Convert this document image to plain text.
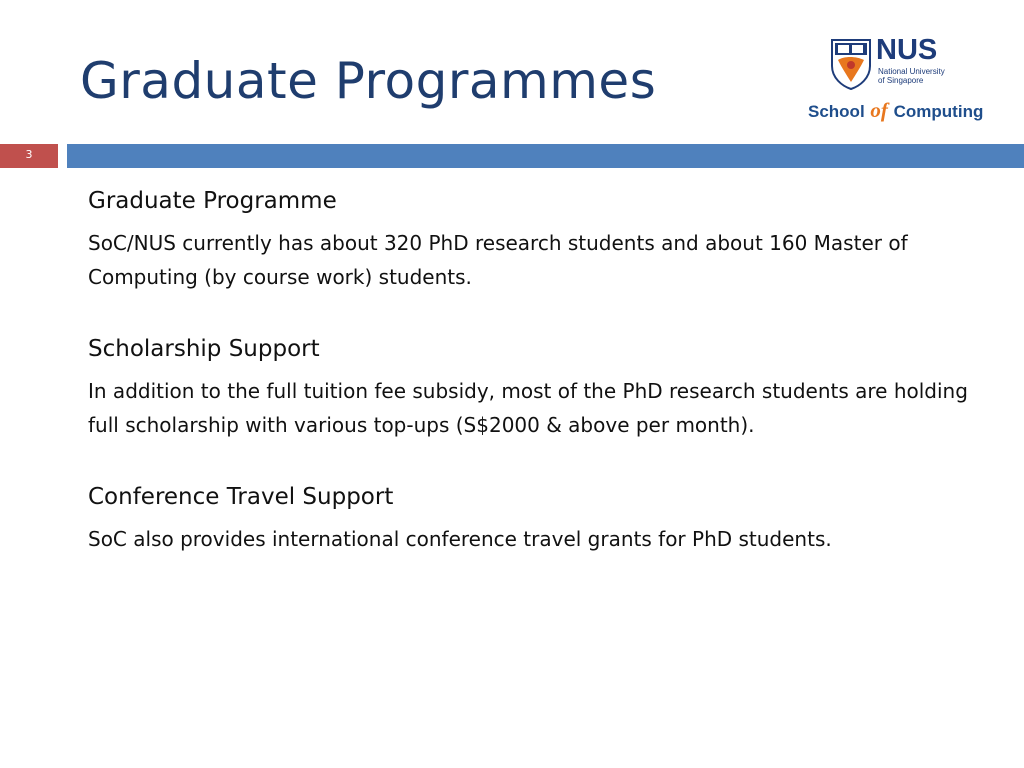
Graduate Programmes
NUS
National University
of Singapore
School of Computing
3
Graduate Programme

SoC/NUS currently has about 320 PhD research students and about 160 Master of Computing (by course work) students.

Scholarship Support

In addition to the full tuition fee subsidy, most of the PhD research students are holding full scholarship with various top-ups (S$2000 & above per month).

Conference Travel Support

SoC also provides international conference travel grants for PhD students.
